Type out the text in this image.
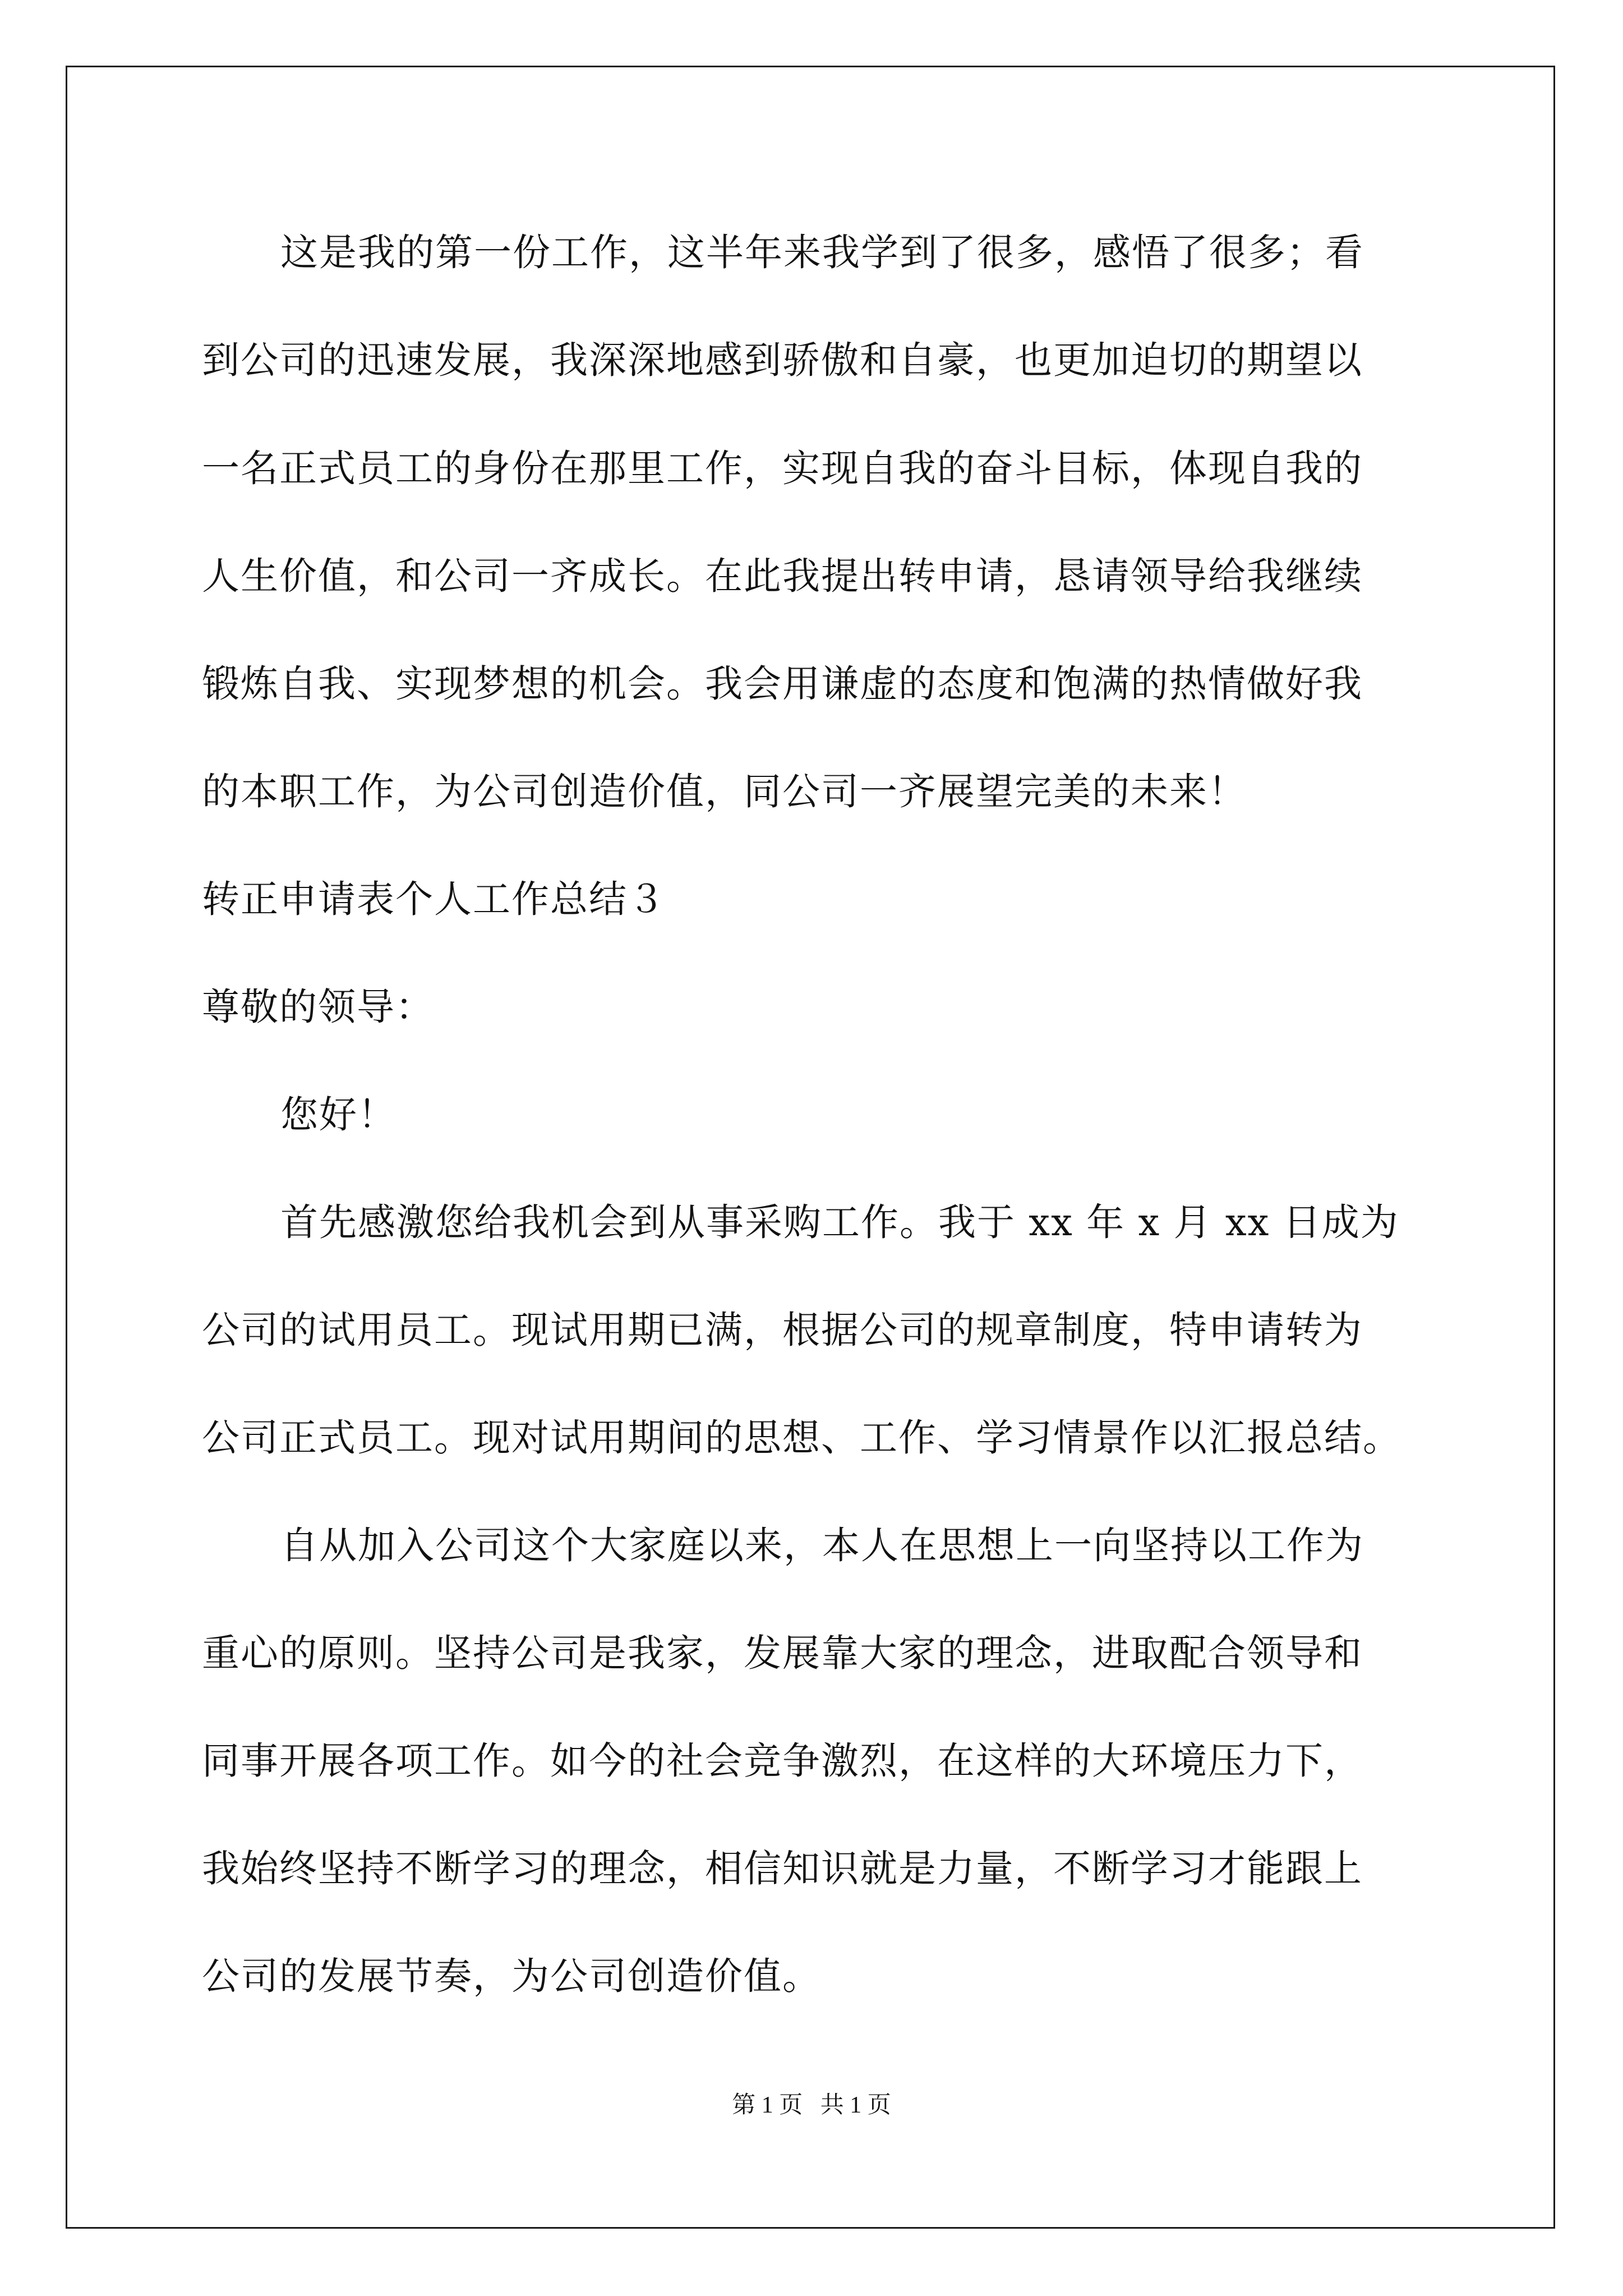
这是我的第一份工作，这半年来我学到了很多，感悟了很多；看
到公司的迅速发展，我深深地感到骄傲和自豪，也更加迫切的期望以
一名正式员工的身份在那里工作，实现自我的奋斗目标，体现自我的
人生价值，和公司一齐成长。在此我提出转申请，恳请领导给我继续
锻炼自我、实现梦想的机会。我会用谦虚的态度和饱满的热情做好我
的本职工作，为公司创造价值，同公司一齐展望完美的未来！
转正申请表个人工作总结３
尊敬的领导：
您好！
首先感激您给我机会到从事采购工作。我于 xx 年 x 月 xx 日成为
公司的试用员工。现试用期已满，根据公司的规章制度，特申请转为
公司正式员工。现对试用期间的思想、工作、学习情景作以汇报总结。
自从加入公司这个大家庭以来，本人在思想上一向坚持以工作为
重心的原则。坚持公司是我家，发展靠大家的理念，进取配合领导和
同事开展各项工作。如今的社会竞争激烈，在这样的大环境压力下，
我始终坚持不断学习的理念，相信知识就是力量，不断学习才能跟上
公司的发展节奏，为公司创造价值。
第 1 页   共 1 页
